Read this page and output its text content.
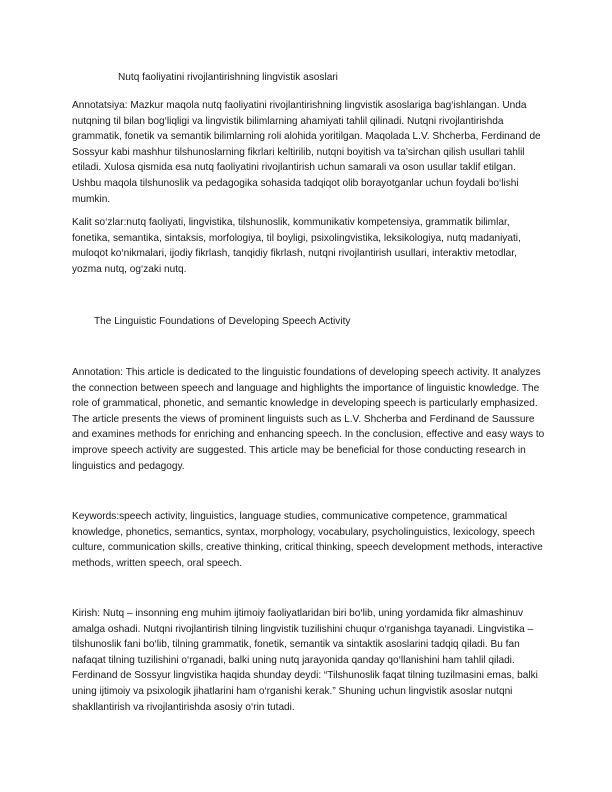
Nutq faoliyatini rivojlantirishning lingvistik asoslari

Annotatsiya: Mazkur maqola nutq faoliyatini rivojlantirishning lingvistik asoslariga bag‘ishlangan. Unda nutqning til bilan bog‘liqligi va lingvistik bilimlarning ahamiyati tahlil qilinadi. Nutqni rivojlantirishda grammatik, fonetik va semantik bilimlarning roli alohida yoritilgan. Maqolada L.V. Shcherba, Ferdinand de Sossyur kabi mashhur tilshunoslarning fikrlari keltirilib, nutqni boyitish va ta’sirchan qilish usullari tahlil etiladi. Xulosa qismida esa nutq faoliyatini rivojlantirish uchun samarali va oson usullar taklif etilgan. Ushbu maqola tilshunoslik va pedagogika sohasida tadqiqot olib borayotganlar uchun foydali bo‘lishi mumkin.

Kalit so‘zlar:nutq faoliyati, lingvistika, tilshunoslik, kommunikativ kompetensiya, grammatik bilimlar, fonetika, semantika, sintaksis, morfologiya, til boyligi, psixolingvistika, leksikologiya, nutq madaniyati, muloqot ko‘nikmalari, ijodiy fikrlash, tanqidiy fikrlash, nutqni rivojlantirish usullari, interaktiv metodlar, yozma nutq, og‘zaki nutq.

The Linguistic Foundations of Developing Speech Activity

Annotation: This article is dedicated to the linguistic foundations of developing speech activity. It analyzes the connection between speech and language and highlights the importance of linguistic knowledge. The role of grammatical, phonetic, and semantic knowledge in developing speech is particularly emphasized. The article presents the views of prominent linguists such as L.V. Shcherba and Ferdinand de Saussure and examines methods for enriching and enhancing speech. In the conclusion, effective and easy ways to improve speech activity are suggested. This article may be beneficial for those conducting research in linguistics and pedagogy.

Keywords:speech activity, linguistics, language studies, communicative competence, grammatical knowledge, phonetics, semantics, syntax, morphology, vocabulary, psycholinguistics, lexicology, speech culture, communication skills, creative thinking, critical thinking, speech development methods, interactive methods, written speech, oral speech.

Kirish: Nutq – insonning eng muhim ijtimoiy faoliyatlaridan biri bo‘lib, uning yordamida fikr almashinuv amalga oshadi. Nutqni rivojlantirish tilning lingvistik tuzilishini chuqur o‘rganishga tayanadi. Lingvistika – tilshunoslik fani bo‘lib, tilning grammatik, fonetik, semantik va sintaktik asoslarini tadqiq qiladi. Bu fan nafaqat tilning tuzilishini o‘rganadi, balki uning nutq jarayonida qanday qo‘llanishini ham tahlil qiladi. Ferdinand de Sossyur lingvistika haqida shunday deydi: “Tilshunoslik faqat tilning tuzilmasini emas, balki uning ijtimoiy va psixologik jihatlarini ham o‘rganishi kerak.” Shuning uchun lingvistik asoslar nutqni shakllantirish va rivojlantirishda asosiy o‘rin tutadi.
